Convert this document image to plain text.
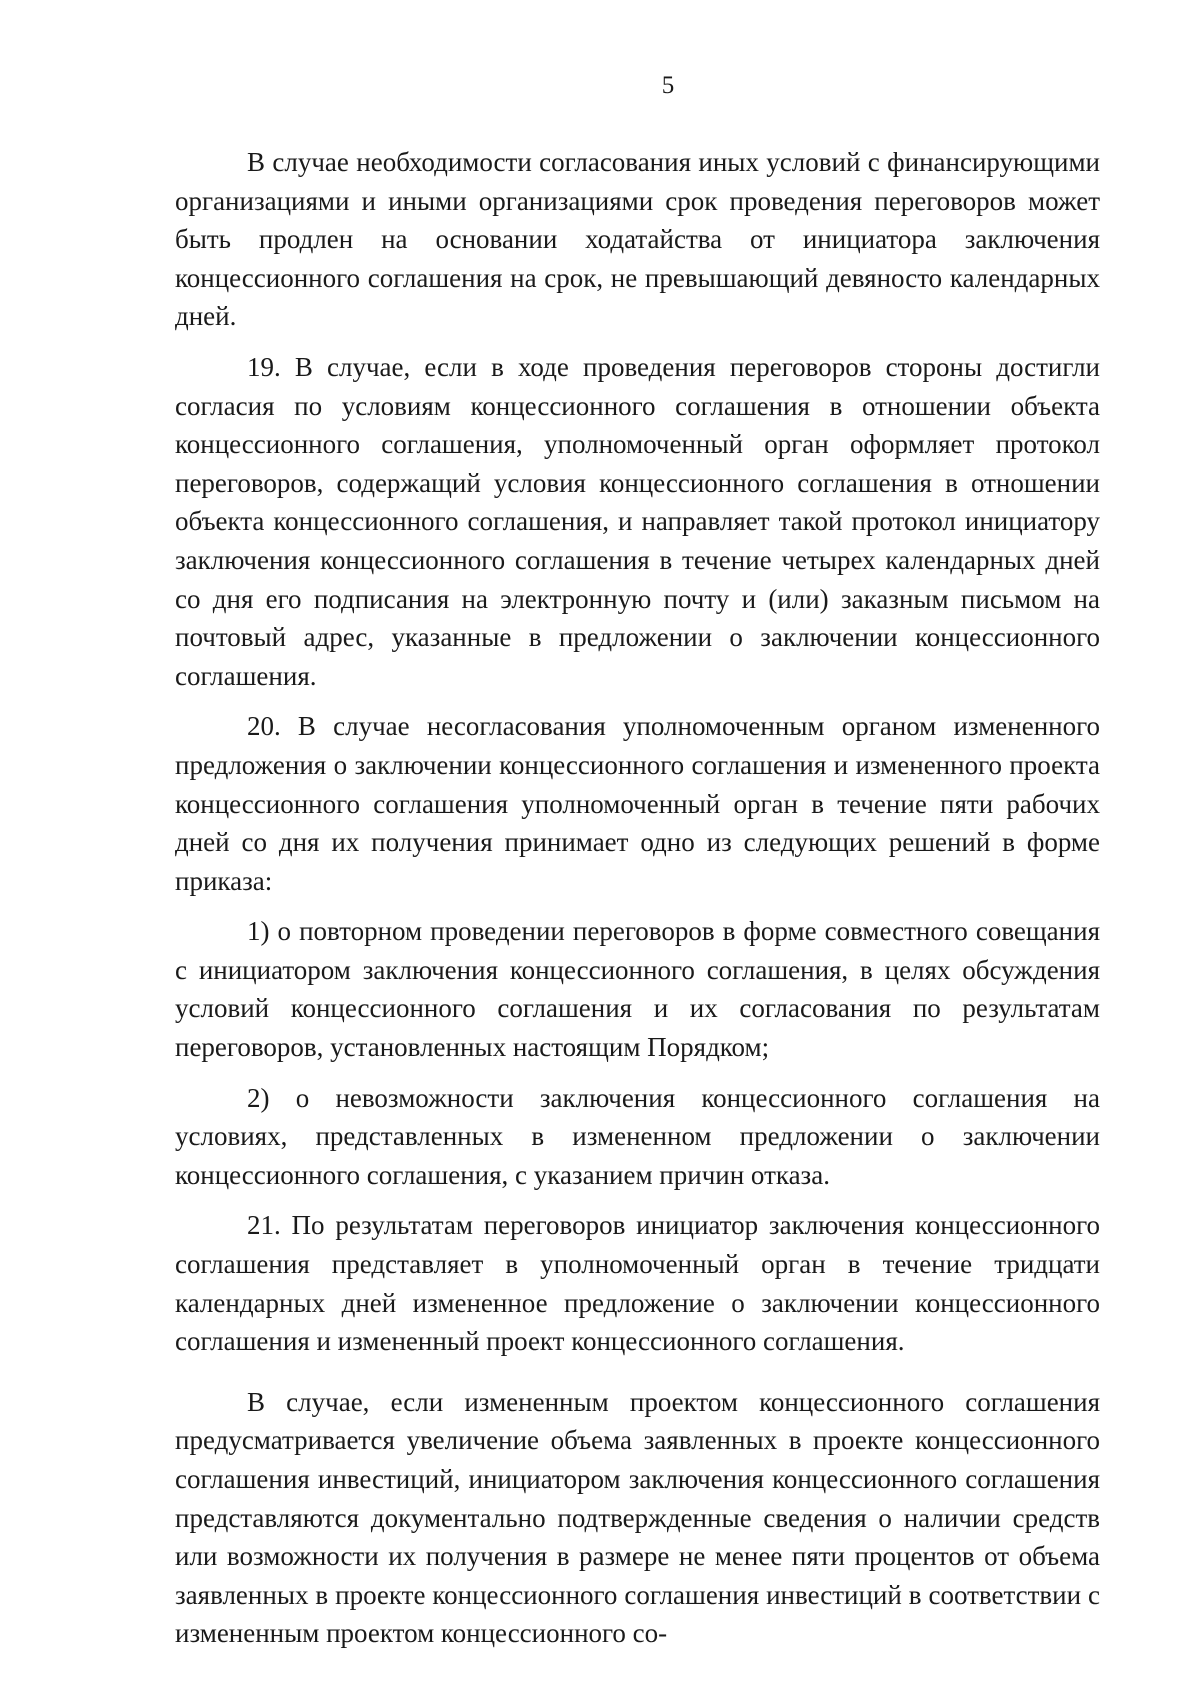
5

В случае необходимости согласования иных условий с финансирующими организациями и иными организациями срок проведения переговоров может быть продлен на основании ходатайства от инициатора заключения концессионного соглашения на срок, не превышающий девяносто календарных дней.

19. В случае, если в ходе проведения переговоров стороны достигли согласия по условиям концессионного соглашения в отношении объекта концессионного соглашения, уполномоченный орган оформляет протокол переговоров, содержащий условия концессионного соглашения в отношении объекта концессионного соглашения, и направляет такой протокол инициатору заключения концессионного соглашения в течение четырех календарных дней со дня его подписания на электронную почту и (или) заказным письмом на почтовый адрес, указанные в предложении о заключении концессионного соглашения.

20. В случае несогласования уполномоченным органом измененного предложения о заключении концессионного соглашения и измененного проекта концессионного соглашения уполномоченный орган в течение пяти рабочих дней со дня их получения принимает одно из следующих решений в форме приказа:

1) о повторном проведении переговоров в форме совместного совещания с инициатором заключения концессионного соглашения, в целях обсуждения условий концессионного соглашения и их согласования по результатам переговоров, установленных настоящим Порядком;

2) о невозможности заключения концессионного соглашения на условиях, представленных в измененном предложении о заключении концессионного соглашения, с указанием причин отказа.

21. По результатам переговоров инициатор заключения концессионного соглашения представляет в уполномоченный орган в течение тридцати календарных дней измененное предложение о заключении концессионного соглашения и измененный проект концессионного соглашения.

В случае, если измененным проектом концессионного соглашения предусматривается увеличение объема заявленных в проекте концессионного соглашения инвестиций, инициатором заключения концессионного соглашения представляются документально подтвержденные сведения о наличии средств или возможности их получения в размере не менее пяти процентов от объема заявленных в проекте концессионного соглашения инвестиций в соответствии с измененным проектом концессионного со-
